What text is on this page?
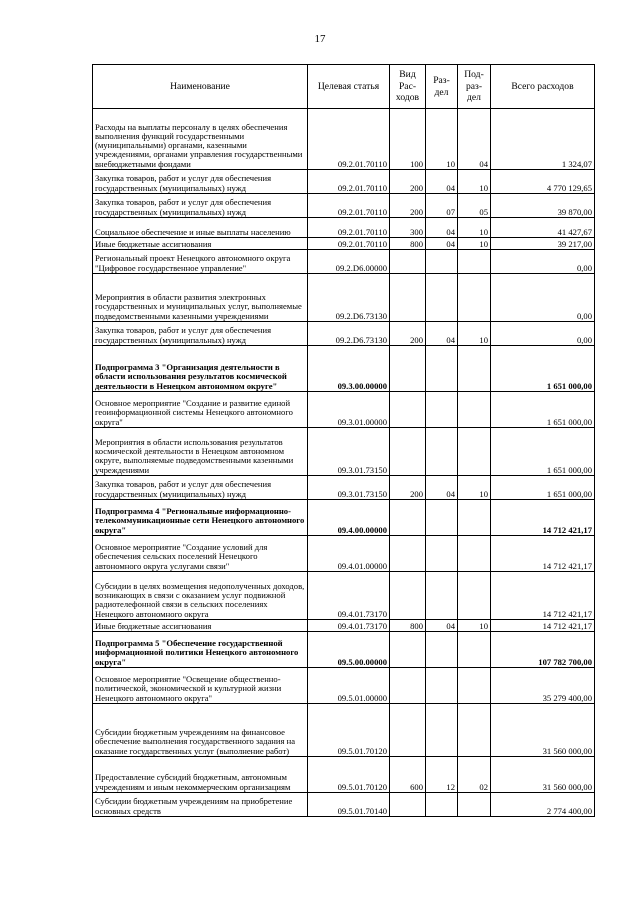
17
Наименование	Целевая статья	Вид Рас- ходов	Раз- дел	Под- раз- дел	Всего расходов
Расходы на выплаты персоналу в целях обеспечения выполнения функций государственными (муниципальными) органами, казенными учреждениями, органами управления государственными внебюджетными фондами	09.2.01.70110	100	10	04	1 324,07
Закупка товаров, работ и услуг для обеспечения государственных (муниципальных) нужд	09.2.01.70110	200	04	10	4 770 129,65
Закупка товаров, работ и услуг для обеспечения государственных (муниципальных) нужд	09.2.01.70110	200	07	05	39 870,00
Социальное обеспечение и иные выплаты населению	09.2.01.70110	300	04	10	41 427,67
Иные бюджетные ассигнования	09.2.01.70110	800	04	10	39 217,00
Региональный проект Ненецкого автономного округа "Цифровое государственное управление"	09.2.D6.00000				0,00
Мероприятия в области развития электронных государственных и муниципальных услуг, выполняемые подведомственными казенными учреждениями	09.2.D6.73130				0,00
Закупка товаров, работ и услуг для обеспечения государственных (муниципальных) нужд	09.2.D6.73130	200	04	10	0,00
Подпрограмма 3 "Организация деятельности в области использования результатов космической деятельности в Ненецком автономном округе"	09.3.00.00000				1 651 000,00
Основное мероприятие "Создание и развитие единой геоинформационной системы Ненецкого автономного округа"	09.3.01.00000				1 651 000,00
Мероприятия в области использования результатов космической деятельности в Ненецком автономном округе, выполняемые подведомственными казенными учреждениями	09.3.01.73150				1 651 000,00
Закупка товаров, работ и услуг для обеспечения государственных (муниципальных) нужд	09.3.01.73150	200	04	10	1 651 000,00
Подпрограмма 4 "Региональные информационно-телекоммуникационные сети Ненецкого автономного округа"	09.4.00.00000				14 712 421,17
Основное мероприятие "Создание условий для обеспечения сельских поселений Ненецкого автономного округа услугами связи"	09.4.01.00000				14 712 421,17
Субсидии в целях возмещения недополученных доходов, возникающих в связи с оказанием услуг подвижной радиотелефонной связи в сельских поселениях Ненецкого автономного округа	09.4.01.73170				14 712 421,17
Иные бюджетные ассигнования	09.4.01.73170	800	04	10	14 712 421,17
Подпрограмма 5 "Обеспечение государственной информационной политики Ненецкого автономного округа"	09.5.00.00000				107 782 700,00
Основное мероприятие "Освещение общественно-политической, экономической и культурной жизни Ненецкого автономного округа"	09.5.01.00000				35 279 400,00
Субсидии бюджетным учреждениям на финансовое обеспечение выполнения государственного задания на оказание государственных услуг (выполнение работ)	09.5.01.70120				31 560 000,00
Предоставление субсидий бюджетным, автономным учреждениям и иным некоммерческим организациям	09.5.01.70120	600	12	02	31 560 000,00
Субсидии бюджетным учреждениям на приобретение основных средств	09.5.01.70140				2 774 400,00
